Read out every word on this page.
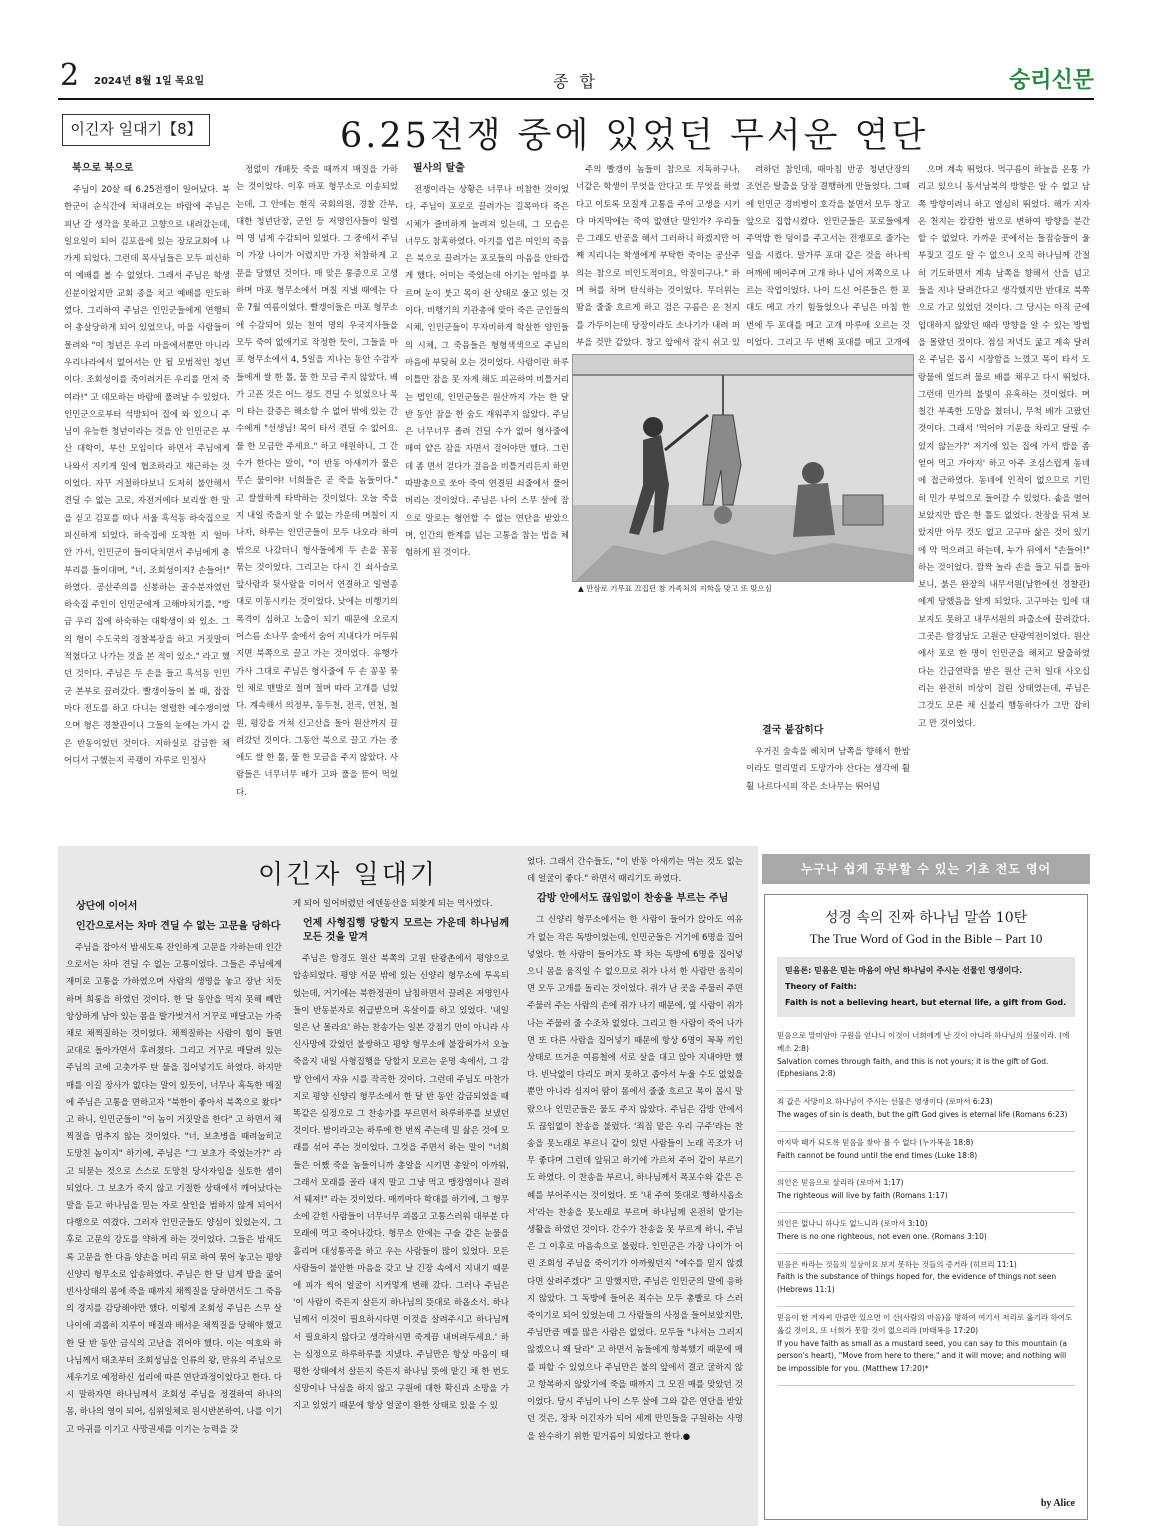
2 2024년 8월 1일 목요일	종 합	숭리신문
이긴자 일대기【8】	6.25전쟁 중에 있었던 무서운 연단
북으로 북으로
주님이 20살 때 6.25전쟁이 일어났다. 북한군이 순식간에 쳐내려오는 바람에 주님은 피난 갈 생각을 못하고 고향으로 내려갔는데, 일요일이 되어 김포읍에 있는 장로교회에 나가게 되었다. 그런데 목사님들은 모두 피신하여 예배를 볼 수 없었다. 그래서 주님은 학생 신분이었지만 교회 종을 치고 예배를 인도하였다. 그리하여 주님은 인민군들에게 연행되어 총살당하게 되어 있었으나, 마을 사람들이 몰려와 "이 청년은 우리 마을에서뿐만 아니라 우리나라에서 없어서는 안 될 모범적인 청년이다. 조회성이를 죽이려거든 우리를 먼저 죽여라!" 고 데모하는 바람에 풀려날 수 있었다. 인민군으로부터 석방되어 집에 와 있으니 주님이 유능한 청년이라는 것을 안 인민군은 부산 대학이, 부산 모임이다 하면서 주님에게 나와서 지키게 일에 협조하라고 재근하는 것이었다. 자꾸 거절하다보니 도저히 불안해서 견딜 수 없는 고로, 자전거에다 보리쌀 한 말을 싣고 김포를 떠나 서울 흑석동 하숙집으로 피신하게 되었다. 하숙집에 도착한 지 얼마 안 가서, 인민군이 들이닥치면서 주님에게 총부리를 들이대며, "너, 조회성이지? 손들어!" 하였다. 공산주의를 신봉하는 골수분자였던 하숙집 주인이 인민군에게 고해바치기를, "방금 우리 집에 하숙하는 대학생이 와 있소. 그의 형이 수도국의 경찰복장을 하고 거짓말이 적혔다고 나가는 것을 본 적이 있소." 라고 했던 것이다. 주님은 두 손을 들고 흑석동 인민군 본부로 끌려갔다. 빨갱이들이 볼 때, 잡잡마다 전도를 하고 다니는 열렬한 예수쟁이였으며 형은 경찰관이니 그들의 눈에는 가시 같은 반동이었던 것이다. 지하실로 감금한 채 어디서 구했는지 곡괭이 자루로 인정사
정없이 개패듯 죽을 때까지 매질을 가하는 것이었다. 이후 마포 형무소로 이송되었는데, 그 안에는 현직 국회의원, 경찰 간부, 대한 청년단장, 군인 등 저명인사들이 일렬여 명 넘게 수감되어 있었다. 그 중에서 주님이 가장 나이가 어렸지만 가장 처참하게 고문을 당했던 것이다. 매 맞은 통증으로 고생하며 마포 형무소에서 며칠 지낼 때에는 다운 7월 여름이었다. 빨갱이들은 마포 형무소에 수감되어 있는 천여 명의 우국지사들을 모두 죽여 없애기로 작정한 듯이, 그들을 마포 형무소에서 4, 5일을 지나는 동안 수감자들에게 쌀 한 톨, 물 한 모금 주지 않았다. 배가 고픈 것은 어느 정도 견딜 수 있었으나 목이 타는 갈증은 해소할 수 없어 밖에 있는 간수에게 "선생님! 목이 타서 견딜 수 없어요. 물 한 모금만 주세요." 하고 애원하니, 그 간수가 한다는 말이, "이 반동 아새끼가 물은 무슨 물이야! 너희들은 곧 죽을 놈들이다." 고 쌀쌀하게 타박하는 것이었다. 오늘 죽을지 내일 죽을지 알 수 없는 가운데 며칠이 지나자, 하루는 인민군들이 모두 나오라 하여 밖으로 나갔더니 형사들에게 두 손을 꽁꽁 묶는 것이었다. 그리고는 다시 긴 쇠사슬로 앞사람과 뒷사람을 이어서 연결하고 일렬종대로 이동시키는 것이었다. 낮에는 비행기의 폭격이 심하고 노출이 되기 때문에 오로지 어스름 소나무 숲에서 숨어 지내다가 어두워지면 북쪽으로 끌고 가는 것이었다. 유행가 가사 그대로 주님은 형사줄에 두 손 꽁꽁 묶인 채로 맨발로 절며 절며 따라 고개를 넘었다. 계속해서 의정부, 동두천, 전곡, 연천, 철원, 평강을 거쳐 신고산을 돌아 원산까지 끌려갔던 것이다. 그동안 북으로 끌고 가는 중에도 쌀 한 톨, 물 한 모금을 주지 않았다. 사람들은 너무너무 배가 고파 풀을 뜯어 먹었다.
필사의 탈출
전쟁이라는 상황은 너무나 비참한 것이었다. 주님이 포로로 끌려가는 길목마다 죽은 시체가 즐비하게 늘려져 있는데, 그 모습은 너무도 참혹하였다. 아기를 업은 여인의 죽음은 북으로 끌려가는 포로들의 마음을 안타깝게 했다. 어미는 죽었는데 아기는 엄마를 부르며 눈이 붓고 목이 쉰 상태로 울고 있는 것이다. 비행기의 기관총에 맞아 죽은 군인들의 시체, 인민군들이 무자비하게 학살한 양민들의 시체, 그 죽음들은 형형색색으로 주님의 마음에 부딪혀 오는 것이었다. 사람이란 하루 이틀만 잠을 못 자게 해도 피곤하여 비틀거리는 법인데, 인민군들은 원산까지 가는 한 달 반 동안 잠을 한 숨도 재워주지 않았다. 주님은 너무너무 졸려 견딜 수가 없어 형사줄에 매여 얕은 잠을 자면서 걸어야만 했다. 그런데 좀 면서 걷다가 걸음을 비틀거리든지 하면 따발총으로 쏘아 죽여 연결된 쇠줄에서 풀어버리는 것이었다. 주님은 나이 스무 살에 잠으로 말로는 형언할 수 없는 연단을 받았으며, 인간의 한계를 넘는 고통을 참는 법을 체험하게 된 것이다.
주의 빨갱이 놈들이 참으로 지독하구나. 너같은 학생이 무엇을 안다고 또 무엇을 하였다고 이토록 모질게 고통을 주어 고생을 시키다 마지막에는 죽여 없앤단 말인가? 우리들은 그래도 반공을 해서 그러하니 하겠지만 어째 지리니는 학생에게 부탁한 죽이는 공산주의는 참으로 비인도적이요, 악질이구나." 하며 혀를 차며 탄식하는 것이었다. 무더위는 땀을 줄줄 흐르게 하고 검은 구름은 온 천지를 가두이는데 당장이라도 소나기가 내려 퍼부을 것만 같았다. 창고 앞에서 잠시 쉬고 있
려하던 참인데, 때마침 반공 청년단장의 조언은 탈출을 당장 결행하게 만들었다. 그때에 인민군 경비병이 호각을 불면서 모두 창고 앞으로 집합시켰다. 인민군들은 포로들에게 주먹밥 한 덩이를 주고서는 전쟁포로 줄가는 일을 시켰다. 말가루 포대 같은 것을 하나씩 어깨에 메어주며 고개 하나 넘어 저쪽으로 나르는 작업이었다. 나이 드신 어른들은 한 포대도 메고 가기 힘들었으나 주님은 마침 한 번에 두 포대를 메고 고개 마루에 오르는 것이었다. 그리고 두 번째 포대를 메고 고개에
으며 계속 뛰었다. 먹구름이 하늘을 온통 가리고 있으니 동서남북의 방향은 알 수 없고 남쪽 방향이려니 하고 열심히 뛰었다. 해가 지자 온 천지는 캄캄한 밤으로 변하여 방향을 분간할 수 없었다. 가까운 곳에서는 들짐승들이 울부짖고 길도 알 수 없으니 오직 하나님께 간절히 기도하면서 계속 남쪽을 향해서 산을 넘고 들을 지나 달려간다고 생각했지만 반대로 북쪽으로 가고 있었던 것이다. 그 당시는 아직 군에 입대하지 않았던 때라 방향을 알 수 있는 방법을 몰랐던 것이다. 점심 저녁도 굶고 계속 달려온 주님은 몹시 시장함을 느꼈고 목이 타서 도랑물에 엎드려 물로 배를 채우고 다시 뛰었다. 그런데 민가의 불빛이 유혹하는 것이었다. 며칠간 부족한 도망을 쳤더니, 무척 배가 고팠던 것이다. 그래서 '먹어야 기운을 차리고 달릴 수 있지 않는가?' 저기에 있는 집에 가서 밥을 좀 얻어 먹고 가야지' 하고 아주 조심스럽게 동네에 접근하였다. 동네에 인적이 없으므로 기민히 민가 부엌으로 들어갈 수 있었다. 솥을 열어 보았지만 밥은 한 톨도 없었다. 찬장을 뒤져 보았지만 아무 것도 없고 고구마 삶은 것이 있기에 막 먹으려고 하는데, 누가 뒤에서 "손들어!" 하는 것이었다. 깜짝 놀라 손을 들고 뒤를 돌아보니, 붉은 완장의 내무서원(남한에선 경찰관)에게 당했음을 알게 되었다. 고구마는 입에 대보지도 못하고 내무서원의 파출소에 끌려갔다. 그곳은 함경남도 고원군 탄광역전이었다. 원산에서 포로 한 명이 인민군을 해치고 탈출하였다는 긴급연락을 받은 원산 근처 일대 사오십 리는 완전히 비상이 걸린 상태였는데, 주님은 그것도 모른 채 신불리 행동하다가 그만 잡히고 만 것이었다.
▲ 만삼로 기무표 끄집던 참 가족처의 지학을 맞고 또 맞으심
결국 붙잡히다
우거진 숲속을 헤치며 남쪽을 향해서 한밤이라도 멀리멀리 도망가야 산다는 생각에 훨훨 나르다시피 작은 소나무는 뛰어넘
이긴자 일대기
상단에 이어서
인간으로서는 차마 견딜 수 없는 고문을 당하다
주님을 잡아서 밤새도록 잔인하게 고문을 가하는데 인간으로서는 차마 견딜 수 없는 고통이었다. 그들은 주님에게 재미로 고통을 가하였으며 사람의 생명을 놓고 장난 치듯 하며 희롱을 하였던 것이다. 한 달 동안을 먹지 못해 빼만 앙상하게 남아 있는 몸을 발가벗겨서 거꾸로 매달고는 가죽채로 채찍질하는 것이었다. 채찍질하는 사람이 힘이 들면 교대로 돌아가면서 후려쳤다. 그리고 거꾸로 매달려 있는 주님의 코에 고춧가루 탄 물을 집어넣기도 하였다. 하지만 매를 이길 장사가 없다는 말이 있듯이, 너무나 혹독한 매질에 주님은 고통을 면하고자 "북한이 좋아서 북쪽으로 왔다" 고 하니, 인민군들이 "이 놈이 거짓말을 한다" 고 하면서 채찍질을 멈추지 않는 것이었다. "너, 보초병을 때려눕히고 도망친 놈이지" 하기에, 주님은 "그 보초가 죽었는가?" 라고 되묻는 것으로 스스로 도망친 당사자임을 실토한 셈이 되었다. 그 보초가 죽지 않고 기절한 상태에서 깨어났다는 말을 듣고 하나님을 믿는 자로 살인을 범하지 않게 되어서 다행으로 여겼다. 그러자 인민군들도 양심이 있었는지, 그 후로 고문의 강도를 약하게 하는 것이었다. 그들은 밤새도록 고문을 한 다음 양손을 머리 뒤로 하여 묶어 놓고는 평양 신양리 형무소로 압송하였다. 주님은 한 달 넘게 밥을 굶어 빈사상태의 몸에 죽을 때까지 채찍질을 당하면서도 그 죽음의 경지를 감당해야만 했다. 이렇게 조회성 주님은 스무 살 나이에 괴롭히 지루이 매질과 배서운 채찍질을 당해야 했고 한 달 반 동안 금식의 고난을 겪어야 했다. 이는 여호와 하나님께서 태초부터 조회성님을 인류의 왕, 만유의 주님으로 세우기로 예정하신 섭리에 따른 연단과정이었다고 한다. 다시 말하자면 하나님께서 조회성 주님을 정결하여 하나의 몸, 하나의 영이 되어, 심위일체로 원시반본하여, 나를 이기고 마귀를 이기고 사망권세를 이기는 능력을 갖
게 되어 일어버렸던 에덴동산을 되찾게 되는 역사였다.
언제 사형집행 당할지 모르는 가운데 하나님께 모든 것을 맡겨
주님은 함경도 원산 북쪽의 고원 탄광촌에서 평양으로 압송되었다. 평양 서문 밖에 있는 신양리 형무소에 투옥되었는데, 거기에는 북한정권이 남침하면서 끌려온 저명인사들이 반동분자로 취급받으며 옥살이를 하고 있었다. '내일 일은 난 몰라요' 하는 찬송가는 일본 강점기 만이 아니라 사신사망에 갔었던 불쌍하고 평양 형무소에 불잡혀가서 오늘 죽을지 내일 사형집행을 당할지 모르는 운명 속에서, 그 감방 안에서 자유 시를 작곡한 것이다. 그런데 주님도 마찬가지로 평양 신양리 형무소에서 한 달 반 동안 감금되었을 때 똑같은 심정으로 그 찬송가를 부르면서 하루하루를 보냈던 것이다. 밤이라고는 하루에 한 번씩 주는데 밀 삶은 것에 모래를 섞어 주는 것이었다. 그것을 주면서 하는 말이 "너희들은 어쨌 죽을 놈들이니까 총알을 시키면 총알이 아까워, 그래서 모래를 골라 내지 말고 그냥 먹고 맹장염이나 걸려서 뒈져!" 라는 것이었다. 매끼마다 학대를 하기에, 그 형무소에 갇힌 사람들이 너무너무 괴롭고 고통스러워 대부분 다 모래에 먹고 죽어나갔다. 형무소 안에는 구술 같은 눈물을 흘리며 대성통곡을 하고 우는 사람들이 많이 있었다. 모든 사람들이 불안한 마음을 갖고 날 긴장 속에서 지내기 때문에 피가 씩어 얼굴이 시커멓게 변해 갔다. 그러나 주님은 '이 사람이 죽든지 살든지 하나님의 뜻대로 하옵소서. 하나님께서 이것이 필요하시다면 이것을 살려주시고 하나님께서 필요하지 않다고 생각하시면 죽게끔 내버려두세요.' 하는 심정으로 하루하루를 지냈다. 주님만은 항상 마음이 태평한 상태에서 살든지 죽든지 하나님 뜻에 맡긴 채 한 번도 실망이나 낙심을 하지 않고 구원에 대한 확신과 소망을 가지고 있었기 때문에 항상 얼굴이 환한 상태로 있을 수 있
었다. 그래서 간수들도, "이 반동 아새끼는 먹는 것도 없는데 얼굴이 좋다." 하면서 때리기도 하였다.
감방 안에서도 끊임없이 찬송을 부르는 주님
그 신양리 형무소에서는 한 사람이 들어가 앉아도 여유가 없는 작은 독방이었는데, 인민군들은 거기에 6명을 집어넣었다. 한 사람이 들어가도 꽉 차는 독방에 6명을 집어넣으니 몸을 움직일 수 없으므로 쥐가 나서 한 사람만 움직이면 모두 고개를 돌리는 것이었다. 쥐가 난 곳을 주물러 주면 주물러 주는 사람의 손에 쥐가 나기 때문에, 옆 사람이 쥐가 나는 주물러 줄 수조차 없었다. 그리고 한 사람이 죽어 나가면 또 다른 사람을 집어넣기 때문에 항상 6명이 꼭꼭 끼인 상태로 뜨거운 여름철에 서로 살을 대고 앉아 지내야만 했다. 빈낙없이 다리도 펴지 못하고 좁아서 누울 수도 없었을 뿐만 아니라 심지어 땀이 몸에서 줄줄 흐르고 목이 몹시 말랐으나 인민군들은 물도 주지 않았다. 주님은 감방 안에서도 끊임없이 찬송을 불렀다. '죄짐 맡은 우리 구주'라는 찬송을 못노래로 부르니 같이 있던 사람들이 노래 곡조가 너무 좋다며 그런데 앞뒤고 하기에 가르쳐 주어 같이 부르기도 하였다. 이 찬송을 부르니, 하나님께서 폭포수와 같은 은혜를 부어주시는 것이었다. 또 '내 주여 뜻대로 행하시옵소서'라는 찬송을 못노래로 부르며 하나님께 온전히 맡기는 생활을 하였던 것이다. 간수가 찬송을 못 부르게 하니, 주님은 그 이후로 마음속으로 불렀다. 인민군은 가장 나이가 어린 조회성 주님을 죽이기가 아까웠던지 "예수를 믿지 않겠다면 살려주겠다" 고 말했지만, 주님은 인민군의 말에 응하지 않았다. 그 독방에 들어온 죄수는 모두 총빨로 다 스러 죽이기로 되어 있었는데 그 사람들의 사정을 들어보았지만, 주님만큼 매를 많은 사람은 없었다. 모두들 "나서는 그러지 않겠으니 왜 달라" 고 하면서 놈들에게 항복했기 때문에 매를 피할 수 있었으나 주님만은 불의 앞에서 결코 굴하지 않고 항복하지 않았기에 죽을 때까지 그 모진 매를 맞았던 것이었다. 당시 주님이 나이 스무 살에 그와 같은 연단을 받았던 것은, 장차 이긴자가 되어 세계 만민들을 구원하는 사명을 완수하기 위한 밑거름이 되었다고 한다.●
누구나 쉽게 공부할 수 있는 기초 전도 영어
성경 속의 진짜 하나님 말씀 10탄
The True Word of God in the Bible – Part 10
믿음론: 믿음은 믿는 마음이 아닌 하나님이 주시는 선물인 영생이다.
Theory of Faith:
Faith is not a believing heart, but eternal life, a gift from God.
믿음으로 말미암아 구원을 얻나니 이것이 너희에게 난 것이 아니라 하나님의 선물이라. (에베소 2:8)
Salvation comes through faith, and this is not yours; it is the gift of God. (Ephesians 2:8)
죄 값은 사망이요 하나님이 주시는 선물은 영생이다 (로마서 6:23)
The wages of sin is death, but the gift God gives is eternal life (Romans 6:23)
마지막 때가 되도록 믿음을 찾아 볼 수 없다 (누가복음 18:8)
Faith cannot be found until the end times (Luke 18:8)
의인은 믿음으로 살리라 (로마서 1:17)
The righteous will live by faith (Romans 1:17)
의인은 없나니 하나도 없느니라 (로마서 3:10)
There is no one righteous, not even one. (Romans 3:10)
믿음은 바라는 것들의 실상이요 보지 못하는 것들의 증거라 (히브리 11:1)
Faith is the substance of things hoped for, the evidence of things not seen (Hebrews 11:1)
믿음이 한 겨자씨 만큼만 있으면 이 산(사람의 마음)을 명하여 여기서 저리로 옮기라 하여도 옮길 것이요, 또 너희가 못할 것이 없으리라 (마태복음 17:20)
If you have faith as small as a mustard seed, you can say to this mountain (a person's heart), "Move from here to there," and it will move; and nothing will be impossible for you. (Matthew 17:20)*
by Alice
